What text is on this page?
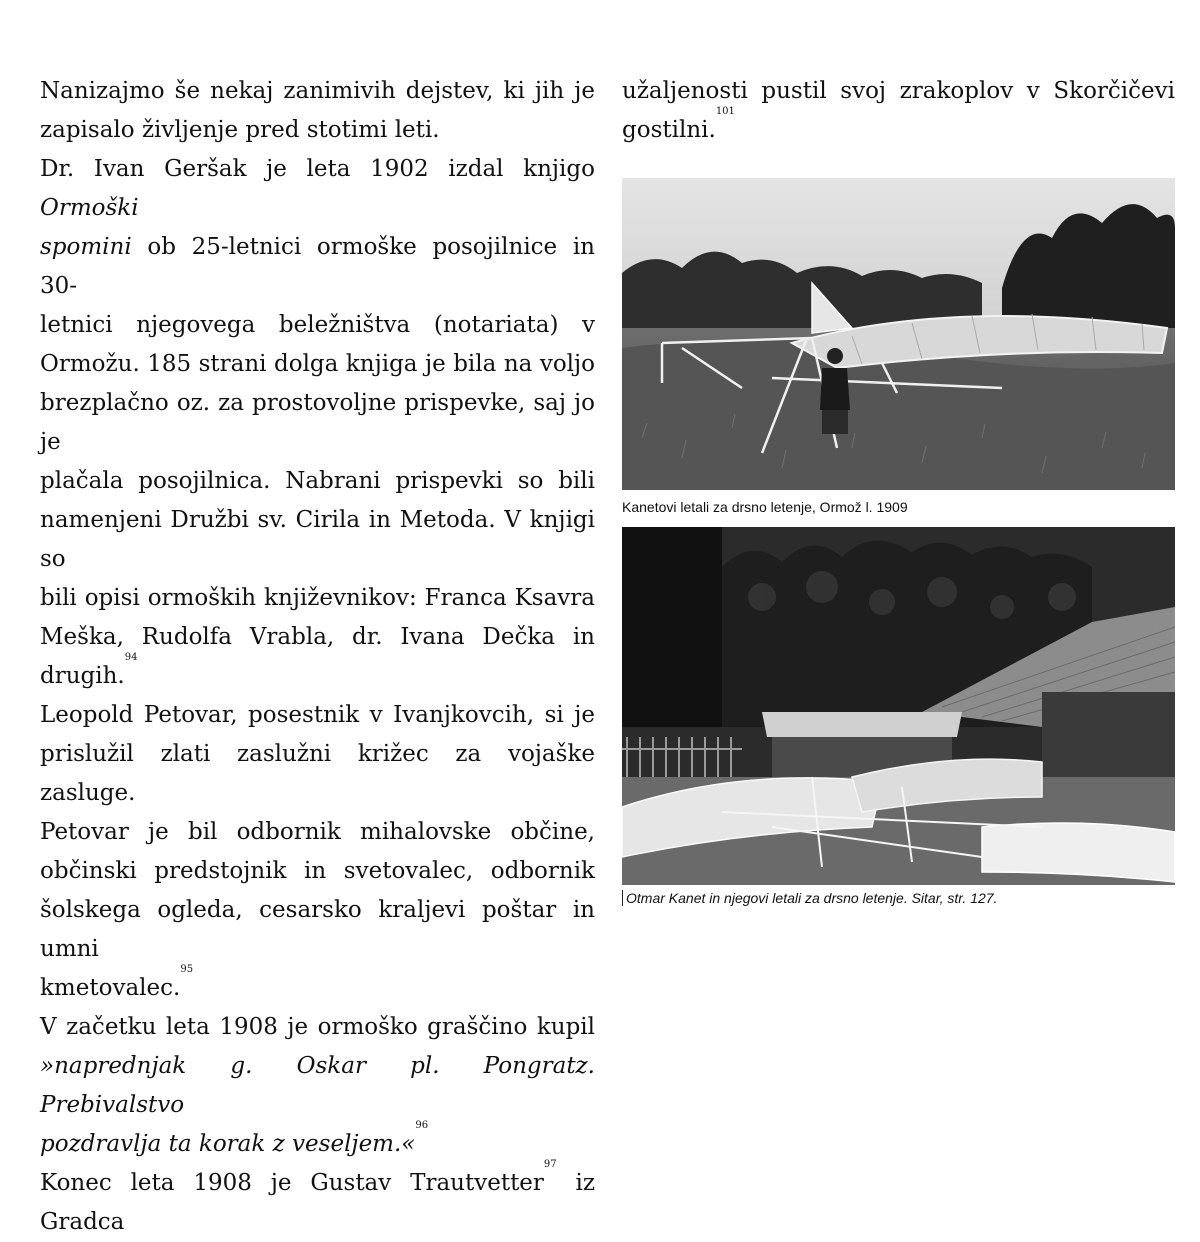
Nanizajmo še nekaj zanimivih dejstev, ki jih je

zapisalo življenje pred stotimi leti.

Dr. Ivan Geršak je leta 1902 izdal knjigo Ormoški

spomini ob 25-letnici ormoške posojilnice in 30-

letnici njegovega beležništva (notariata) v

Ormožu. 185 strani dolga knjiga je bila na voljo

brezplačno oz. za prostovoljne prispevke, saj jo je

plačala posojilnica. Nabrani prispevki so bili

namenjeni Družbi sv. Cirila in Metoda. V knjigi so

bili opisi ormoških književnikov: Franca Ksavra

Meška, Rudolfa Vrabla, dr. Ivana Dečka in drugih.$^{94}$

Leopold Petovar, posestnik v Ivanjkovcih, si je

prislužil zlati zaslužni križec za vojaške zasluge.

Petovar je bil odbornik mihalovske občine,

občinski predstojnik in svetovalec, odbornik

šolskega ogleda, cesarsko kraljevi poštar in umni

kmetovalec.$^{95}$

V začetku leta 1908 je ormoško graščino kupil

»naprednjak g. Oskar pl. Pongratz. Prebivalstvo

pozdravlja ta korak z veseljem.«$^{96}$

Konec leta 1908 je Gustav Trautvetter$^{97}$ iz Gradca

užaljenosti pustil svoj zrakoplov v Skorčičevi

gostilni.$^{101}$

Kanetovi letali za drsno letenje, Ormož l. 1909
Otmar Kanet in njegovi letali za drsno letenje. Sitar, str. 127.
